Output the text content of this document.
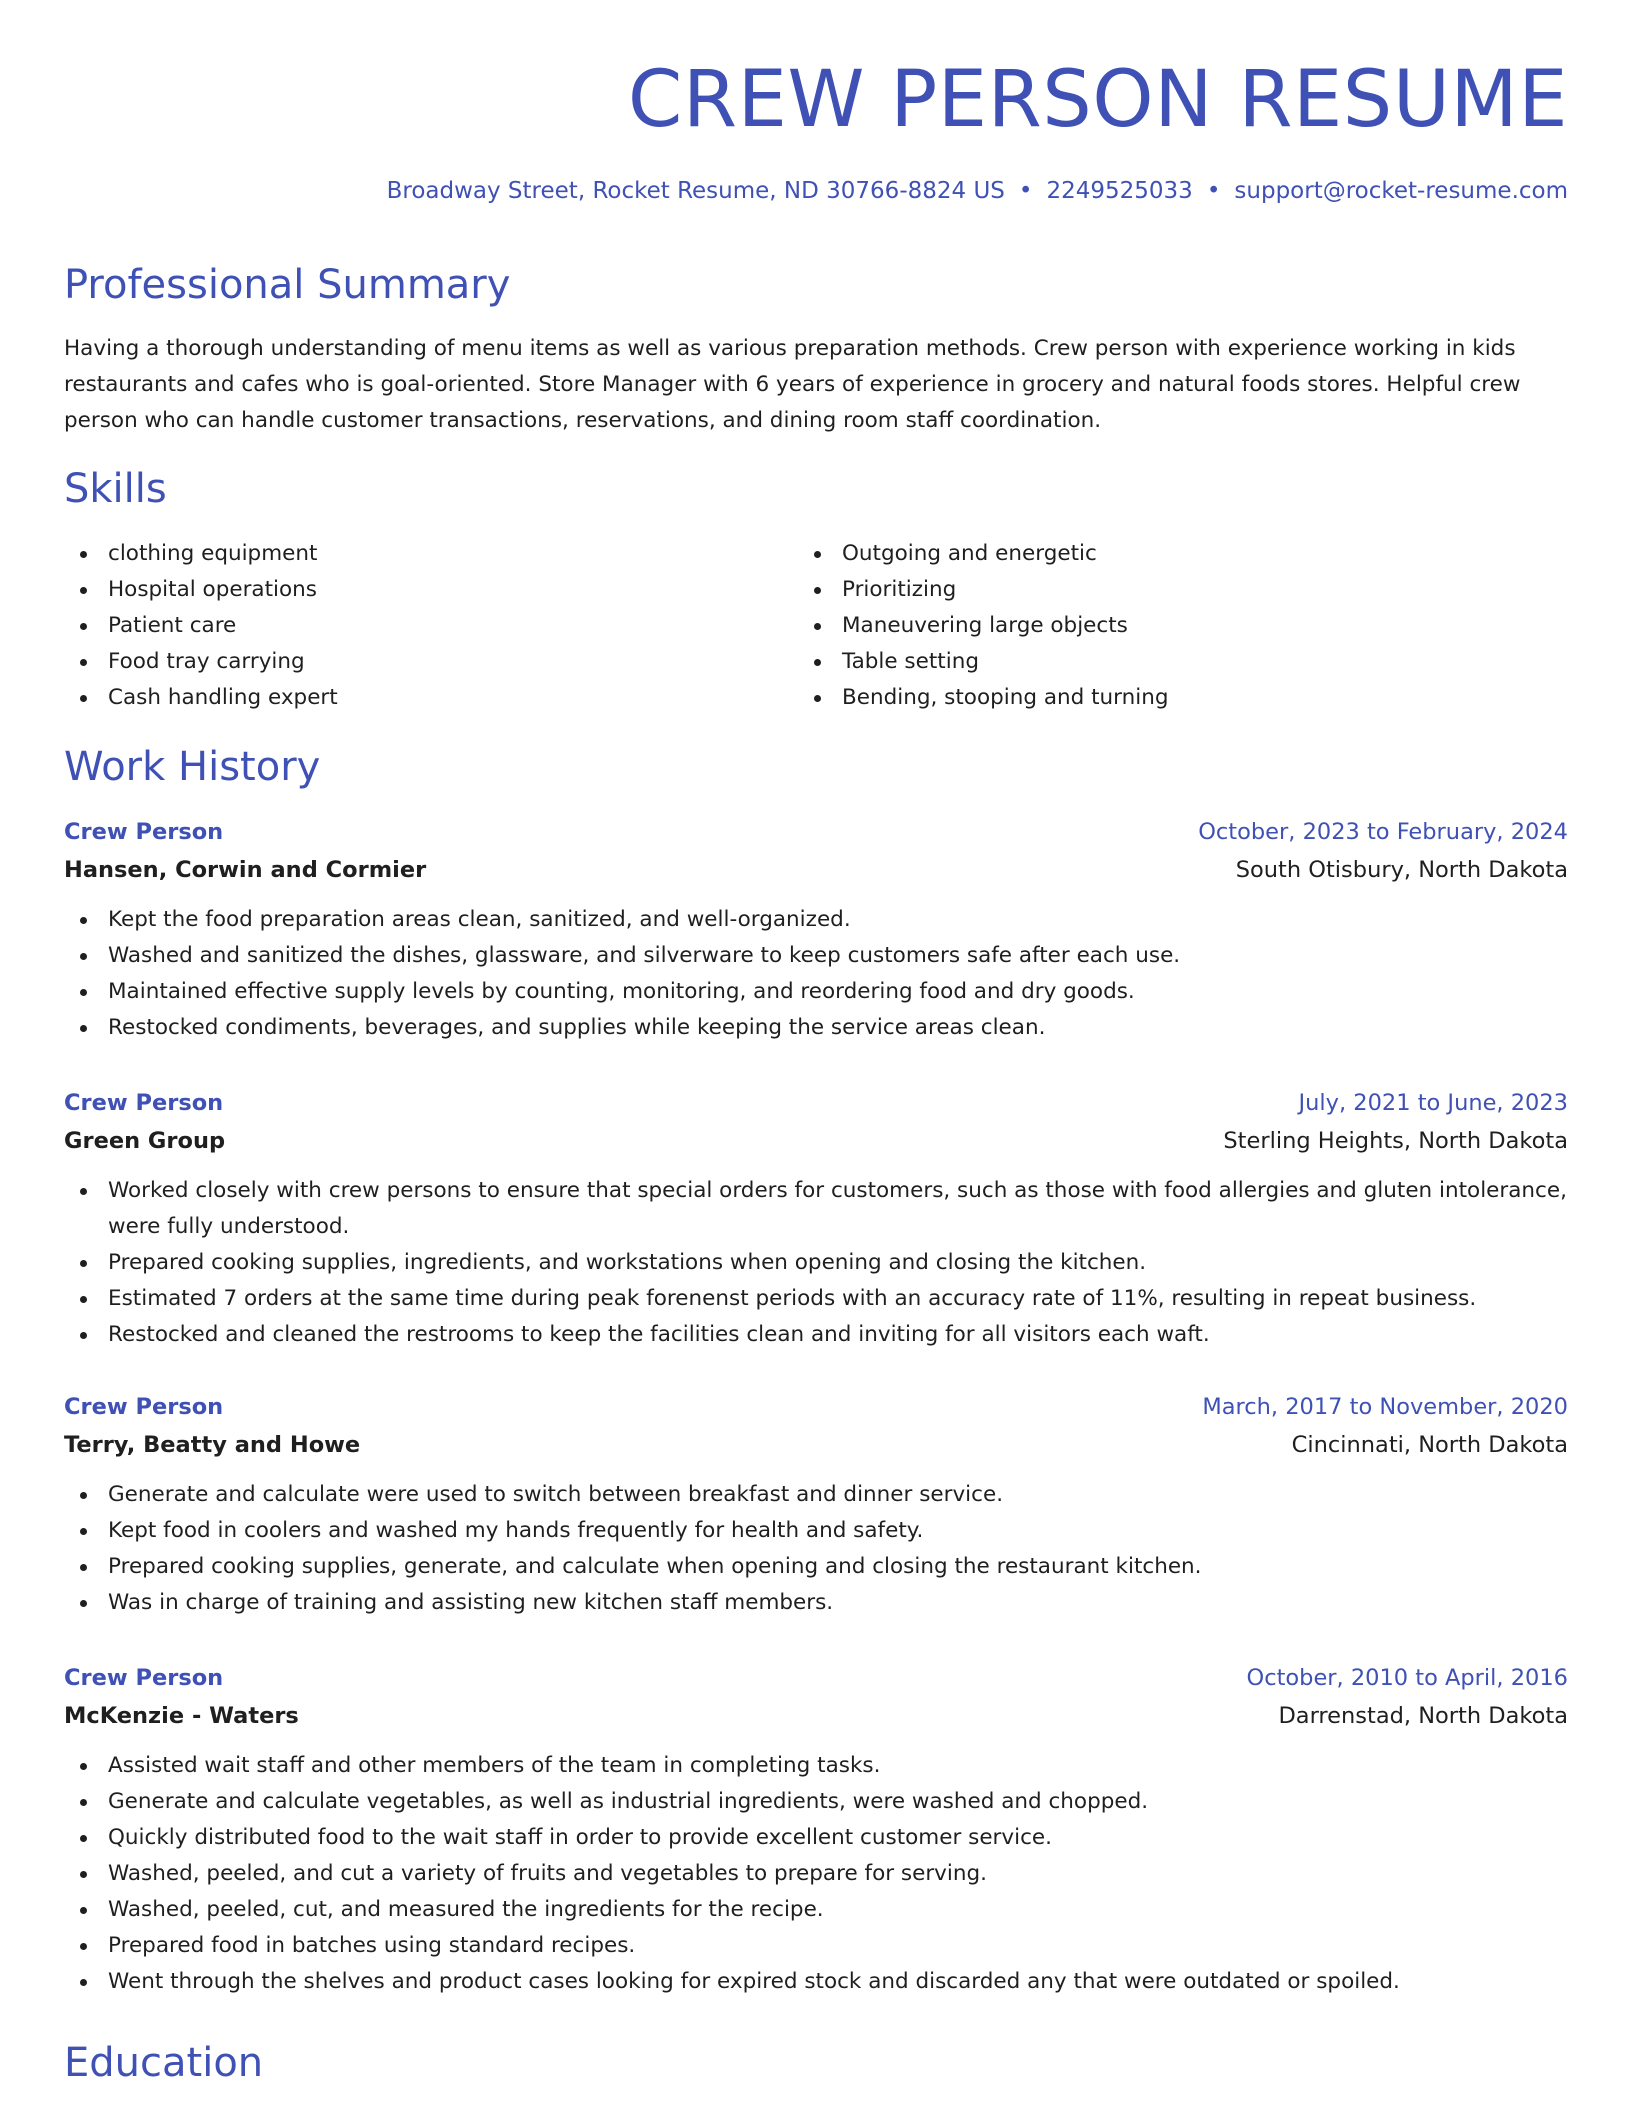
CREW PERSON RESUME
Broadway Street, Rocket Resume, ND 30766-8824 US • 2249525033 • support@rocket-resume.com
Professional Summary

Having a thorough understanding of menu items as well as various preparation methods. Crew person with experience working in kids restaurants and cafes who is goal-oriented. Store Manager with 6 years of experience in grocery and natural foods stores. Helpful crew person who can handle customer transactions, reservations, and dining room staff coordination.

Skills
clothing equipment
Hospital operations
Patient care
Food tray carrying
Cash handling expert
Outgoing and energetic
Prioritizing
Maneuvering large objects
Table setting
Bending, stooping and turning
Work History
Crew Person	October, 2023 to February, 2024
Hansen, Corwin and Cormier	South Otisbury, North Dakota
Kept the food preparation areas clean, sanitized, and well-organized.
Washed and sanitized the dishes, glassware, and silverware to keep customers safe after each use.
Maintained effective supply levels by counting, monitoring, and reordering food and dry goods.
Restocked condiments, beverages, and supplies while keeping the service areas clean.
Crew Person	July, 2021 to June, 2023
Green Group	Sterling Heights, North Dakota
Worked closely with crew persons to ensure that special orders for customers, such as those with food allergies and gluten intolerance, were fully understood.
Prepared cooking supplies, ingredients, and workstations when opening and closing the kitchen.
Estimated 7 orders at the same time during peak forenenst periods with an accuracy rate of 11%, resulting in repeat business.
Restocked and cleaned the restrooms to keep the facilities clean and inviting for all visitors each waft.
Crew Person	March, 2017 to November, 2020
Terry, Beatty and Howe	Cincinnati, North Dakota
Generate and calculate were used to switch between breakfast and dinner service.
Kept food in coolers and washed my hands frequently for health and safety.
Prepared cooking supplies, generate, and calculate when opening and closing the restaurant kitchen.
Was in charge of training and assisting new kitchen staff members.
Crew Person	October, 2010 to April, 2016
McKenzie - Waters	Darrenstad, North Dakota
Assisted wait staff and other members of the team in completing tasks.
Generate and calculate vegetables, as well as industrial ingredients, were washed and chopped.
Quickly distributed food to the wait staff in order to provide excellent customer service.
Washed, peeled, and cut a variety of fruits and vegetables to prepare for serving.
Washed, peeled, cut, and measured the ingredients for the recipe.
Prepared food in batches using standard recipes.
Went through the shelves and product cases looking for expired stock and discarded any that were outdated or spoiled.
Education
